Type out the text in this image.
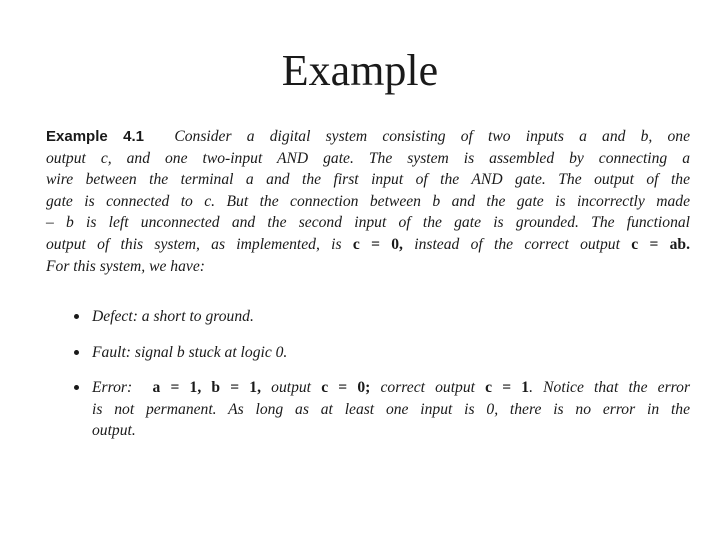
Example
Example 4.1 Consider a digital system consisting of two inputs a and b, one
output c, and one two-input AND gate. The system is assembled by connecting a
wire between the terminal a and the first input of the AND gate. The output of the
gate is connected to c. But the connection between b and the gate is incorrectly made
– b is left unconnected and the second input of the gate is grounded. The functional
output of this system, as implemented, is c = 0, instead of the correct output c = ab.
For this system, we have:
Defect: a short to ground.
Fault: signal b stuck at logic 0.
Error: a = 1, b = 1, output c = 0; correct output c = 1. Notice that the error
is not permanent. As long as at least one input is 0, there is no error in the
output.
